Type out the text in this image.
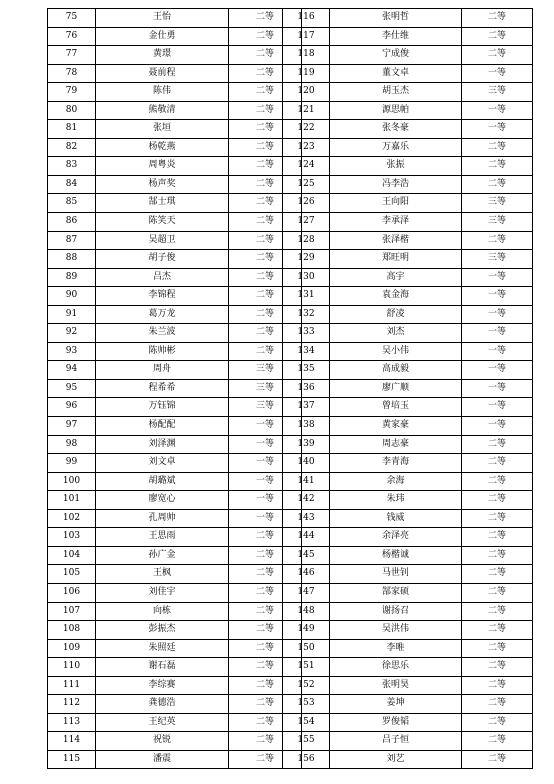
75	王怡	二等
76	金仕勇	二等
77	黄璟	二等
78	聂前程	二等
79	陈伟	二等
80	熊敬清	二等
81	张垣	二等
82	杨乾燕	二等
83	周粤炎	二等
84	杨声奖	二等
85	郜士琪	二等
86	陈笑天	二等
87	吴超卫	二等
88	胡子俊	二等
89	吕杰	二等
90	李锦程	二等
91	葛万龙	二等
92	朱兰波	二等
93	陈帅彬	二等
94	周舟	三等
95	程希希	三等
96	万钰锦	三等
97	杨配配	一等
98	刘泽渊	一等
99	刘文卓	一等
100	胡璐斌	一等
101	廖宽心	一等
102	孔周帅	一等
103	王思雨	二等
104	孙广金	二等
105	王枫	二等
106	刘佳宇	二等
107	向栋	二等
108	彭振杰	二等
109	朱照廷	二等
110	谢石磊	二等
111	李综赛	二等
112	龚德浩	二等
113	王纪英	二等
114	祝锐	二等
115	潘震	二等
116	张明哲	二等
117	李仕维	二等
118	宁成俊	二等
119	董文卓	一等
120	胡玉杰	三等
121	源思帕	一等
122	张冬豪	一等
123	万嘉乐	二等
124	张振	二等
125	冯李浩	二等
126	王向阳	三等
127	李承泽	三等
128	张泽楷	二等
129	郑旺明	三等
130	高宇	一等
131	袁金海	一等
132	舒凌	一等
133	刘杰	一等
134	吴小伟	一等
135	高成毅	一等
136	廖广顺	一等
137	曾培玉	一等
138	黄家豪	一等
139	周志豪	二等
140	李青海	二等
141	余海	二等
142	朱玮	二等
143	钱威	二等
144	余泽亮	二等
145	杨楷诚	二等
146	马世钊	二等
147	郜家硕	二等
148	谢扬召	二等
149	吴洪伟	二等
150	李唯	二等
151	徐思乐	二等
152	张明昊	二等
153	姜坤	二等
154	罗俊韬	二等
155	吕子恒	二等
156	刘艺	二等
